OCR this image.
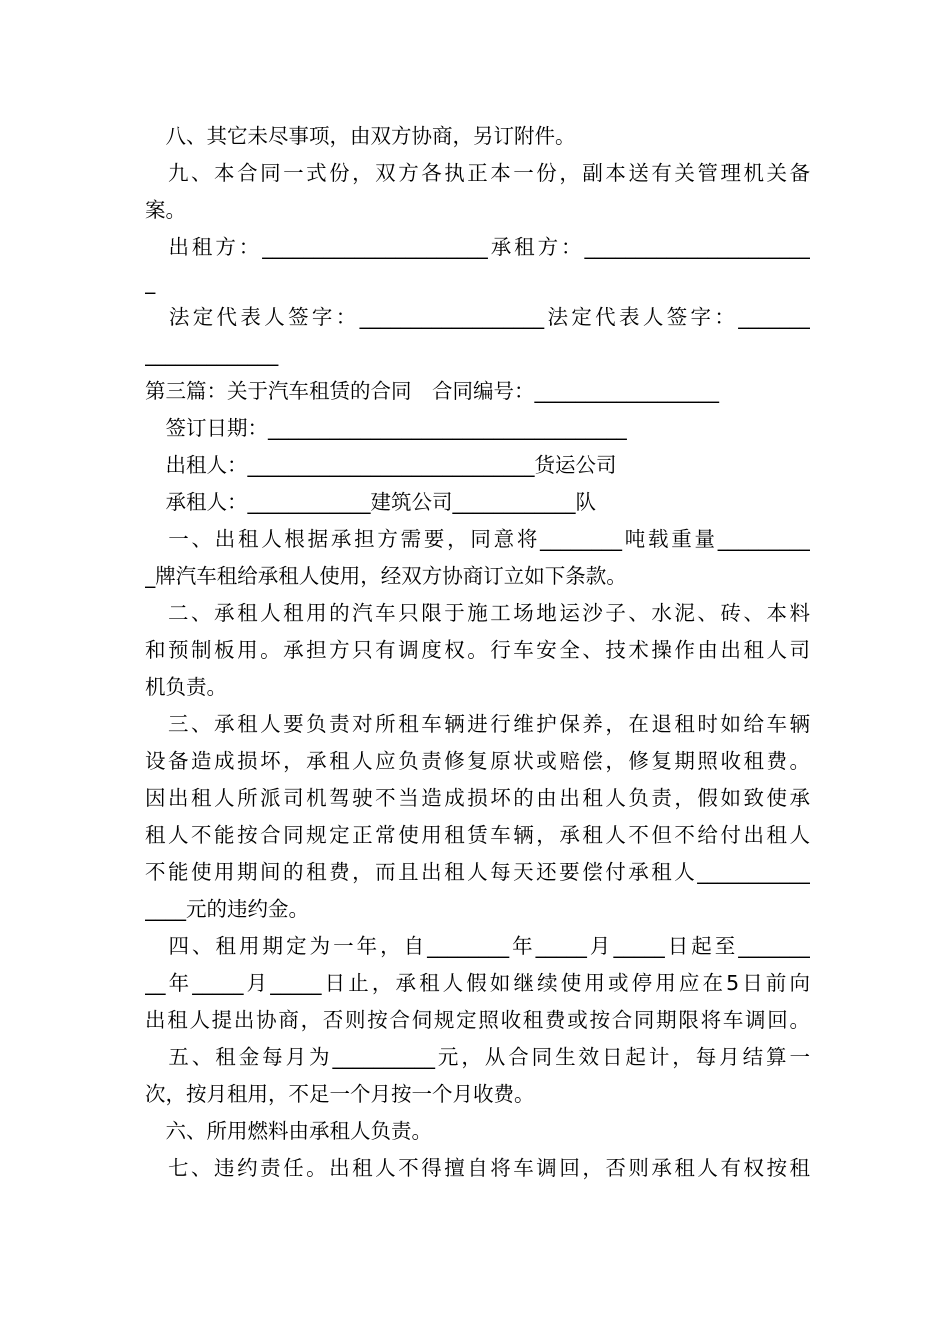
　八、其它未尽事项，由双方协商，另订附件。
　九、本合同一式份，双方各执正本一份，副本送有关管理机关备
案。
　出租方：______________________承租方：______________________
_
　法定代表人签字：__________________法定代表人签字：_______
_____________
第三篇：关于汽车租赁的合同　合同编号：__________________
　签订日期：___________________________________
　出租人：____________________________货运公司
　承租人：____________建筑公司____________队
　一、出租人根据承担方需要，同意将________吨载重量_________
_牌汽车租给承租人使用，经双方协商订立如下条款。
　二、承租人租用的汽车只限于施工场地运沙子、水泥、砖、本料
和预制板用。承担方只有调度权。行车安全、技术操作由出租人司
机负责。
　三、承租人要负责对所租车辆进行维护保养，在退租时如给车辆
设备造成损坏，承租人应负责修复原状或赔偿，修复期照收租费。
因出租人所派司机驾驶不当造成损坏的由出租人负责，假如致使承
租人不能按合同规定正常使用租赁车辆，承租人不但不给付出租人
不能使用期间的租费，而且出租人每天还要偿付承租人___________
____元的违约金。
　四、租用期定为一年，自________年_____月_____日起至_______
__年_____月_____日止，承租人假如继续使用或停用应在5日前向
出租人提出协商，否则按合伺规定照收租费或按合同期限将车调回。
　五、租金每月为__________元，从合同生效日起计，每月结算一
次，按月租用，不足一个月按一个月收费。
　六、所用燃料由承租人负责。
　七、违约责任。出租人不得擅自将车调回，否则承租人有权按租
